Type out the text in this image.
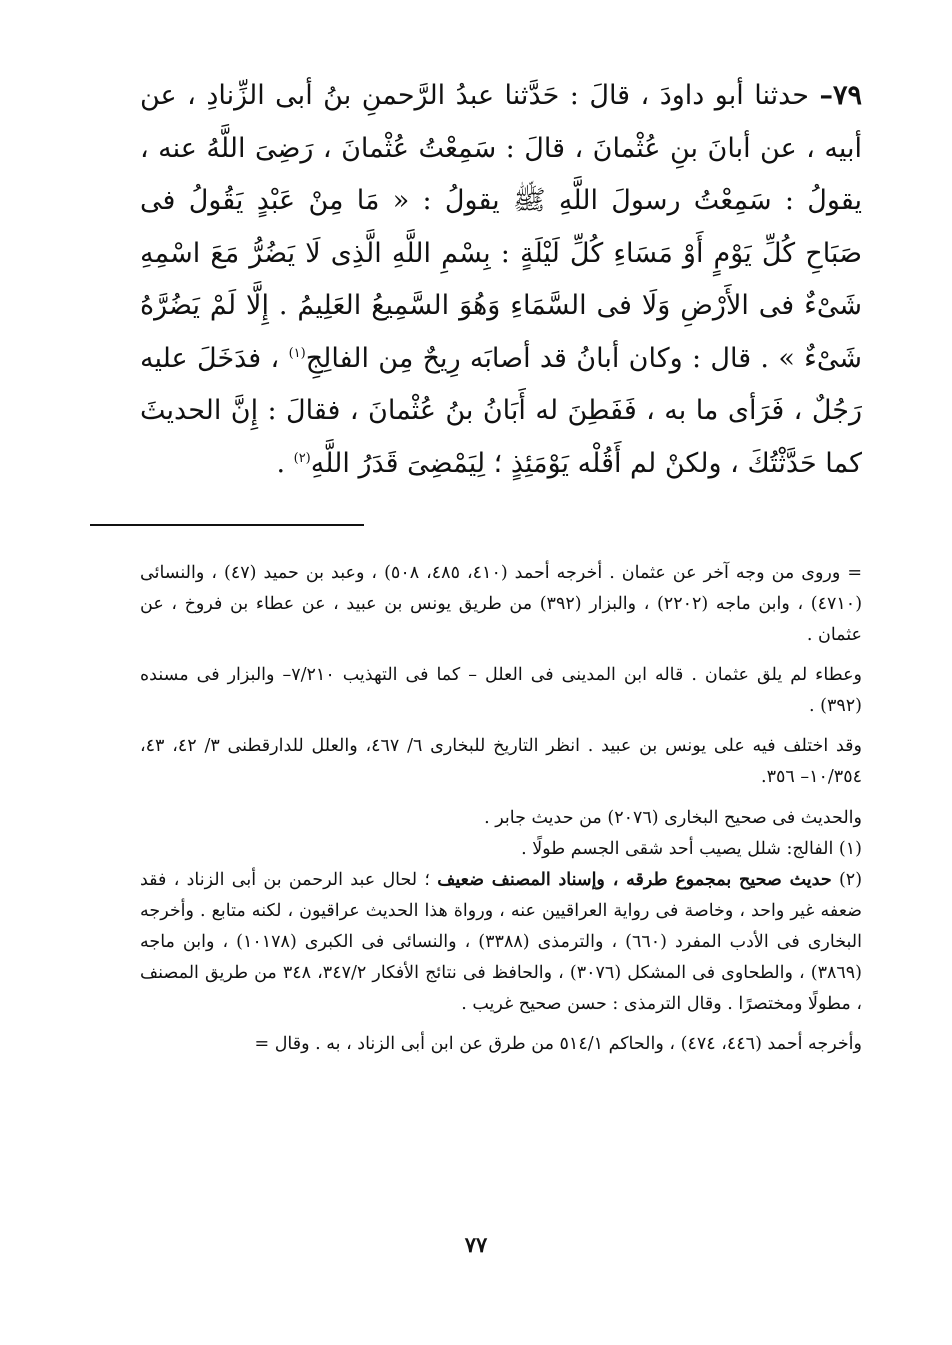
٧٩– حدثنا أبو داودَ ، قالَ : حَدَّثنا عبدُ الرَّحمنِ بنُ أبى الزِّنادِ ، عن أبيه ، عن أبانَ بنِ عُثْمانَ ، قالَ : سَمِعْتُ عُثْمانَ ، رَضِىَ اللَّهُ عنه ، يقولُ : سَمِعْتُ رسولَ اللَّهِ ﷺ يقولُ : « مَا مِنْ عَبْدٍ يَقُولُ فى صَبَاحِ كُلِّ يَوْمٍ أَوْ مَسَاءِ كُلِّ لَيْلَةٍ : بِسْمِ اللَّهِ الَّذِى لَا يَضُرُّ مَعَ اسْمِهِ شَىْءٌ فى الأَرْضِ وَلَا فى السَّمَاءِ وَهُوَ السَّمِيعُ العَلِيمُ . إِلَّا لَمْ يَضُرَّهُ شَىْءٌ » . قال : وكان أبانُ قد أصابَه رِيحٌ مِن الفالِجِ$^{(١)}$ ، فدَخَلَ عليه رَجُلٌ ، فَرَأى ما به ، فَفَطِنَ له أَبَانُ بنُ عُثْمانَ ، فقالَ : إِنَّ الحديثَ كما حَدَّثْتُكَ ، ولكنْ لم أَقُلْه يَوْمَئِذٍ ؛ لِيَمْضِىَ قَدَرُ اللَّهِ$^{(٢)}$ .

= وروى من وجه آخر عن عثمان . أخرجه أحمد (٤١٠، ٤٨٥، ٥٠٨) ، وعبد بن حميد (٤٧) ، والنسائى (٤٧١٠) ، وابن ماجه (٢٢٠٢) ، والبزار (٣٩٢) من طريق يونس بن عبيد ، عن عطاء بن فروخ ، عن عثمان .

وعطاء لم يلق عثمان . قاله ابن المدينى فى العلل – كما فى التهذيب ٧/٢١٠– والبزار فى مسنده (٣٩٢) .

وقد اختلف فيه على يونس بن عبيد . انظر التاريخ للبخارى ٦/ ٤٦٧، والعلل للدارقطنى ٣/ ٤٢، ٤٣، ١٠/٣٥٤– ٣٥٦.

والحديث فى صحيح البخارى (٢٠٧٦) من حديث جابر .

(١) الفالج: شلل يصيب أحد شقى الجسم طولًا .

(٢) حديث صحيح بمجموع طرقه ، وإسناد المصنف ضعيف ؛ لحال عبد الرحمن بن أبى الزناد ، فقد ضعفه غير واحد ، وخاصة فى رواية العراقيين عنه ، ورواة هذا الحديث عراقيون ، لكنه متابع . وأخرجه البخارى فى الأدب المفرد (٦٦٠) ، والترمذى (٣٣٨٨) ، والنسائى فى الكبرى (١٠١٧٨) ، وابن ماجه (٣٨٦٩) ، والطحاوى فى المشكل (٣٠٧٦) ، والحافظ فى نتائج الأفكار ٣٤٧/٢، ٣٤٨ من طريق المصنف ، مطولًا ومختصرًا . وقال الترمذى : حسن صحيح غريب .

وأخرجه أحمد (٤٤٦، ٤٧٤) ، والحاكم ٥١٤/١ من طرق عن ابن أبى الزناد ، به . وقال =

٧٧
